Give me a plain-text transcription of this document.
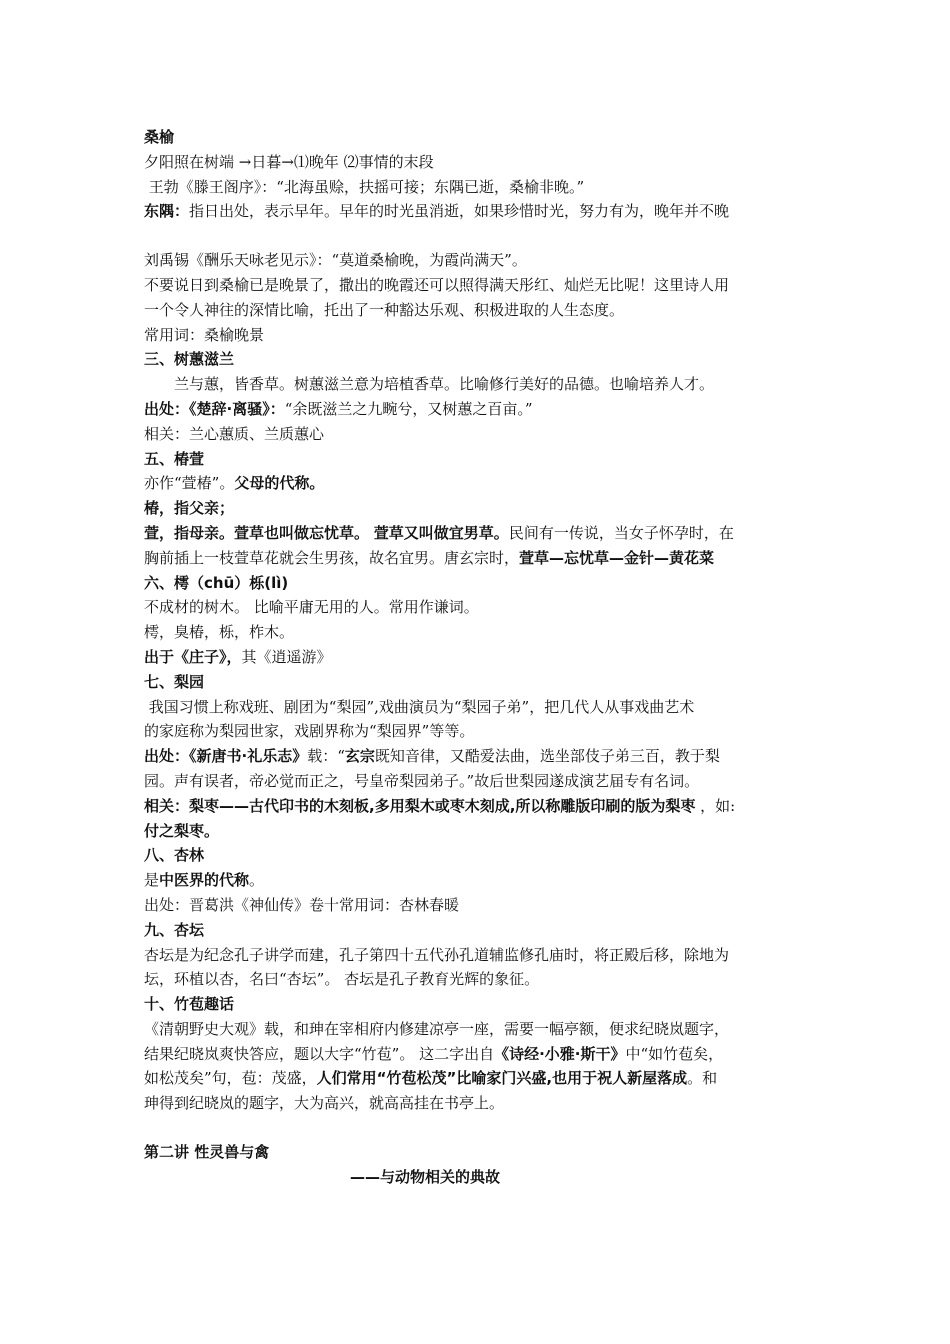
桑榆
夕阳照在树端 →日暮→⑴晚年 ⑵事情的末段
王勃《滕王阁序》：“北海虽赊，扶摇可接；东隅已逝，桑榆非晚。”
东隅：指日出处，表示早年。早年的时光虽消逝，如果珍惜时光，努力有为，晚年并不晚
刘禹锡《酬乐天咏老见示》：“莫道桑榆晚，为霞尚满天”。
不要说日到桑榆已是晚景了，撒出的晚霞还可以照得满天彤红、灿烂无比呢！这里诗人用
一个令人神往的深情比喻，托出了一种豁达乐观、积极进取的人生态度。
常用词：桑榆晚景
三、树蕙滋兰
兰与蕙，皆香草。树蕙滋兰意为培植香草。比喻修行美好的品德。也喻培养人才。
出处：《楚辞·离骚》：“余既滋兰之九畹兮，又树蕙之百亩。”
相关：兰心蕙质、兰质蕙心
五、椿萱
亦作“萱椿”。父母的代称。
椿，指父亲；
萱，指母亲。萱草也叫做忘忧草。 萱草又叫做宜男草。民间有一传说，当女子怀孕时，在
胸前插上一枝萱草花就会生男孩，故名宜男。唐玄宗时，萱草—忘忧草—金针—黄花菜
六、樗（chū）栎(lì)
不成材的树木。 比喻平庸无用的人。常用作谦词。
樗，臭椿，栎，柞木。
出于《庄子》，其《逍遥游》
七、梨园
我国习惯上称戏班、剧团为“梨园”,戏曲演员为“梨园子弟”，把几代人从事戏曲艺术
的家庭称为梨园世家，戏剧界称为“梨园界”等等。
出处：《新唐书·礼乐志》载：“玄宗既知音律，又酷爱法曲，选坐部伎子弟三百，教于梨
园。声有误者，帝必觉而正之，号皇帝梨园弟子。”故后世梨园遂成演艺届专有名词。
相关：梨枣——古代印书的木刻板,多用梨木或枣木刻成,所以称雕版印刷的版为梨枣 ，如:
付之梨枣。
八、杏林
是中医界的代称。
出处：晋葛洪《神仙传》卷十常用词：杏林春暖
九、杏坛
杏坛是为纪念孔子讲学而建，孔子第四十五代孙孔道辅监修孔庙时，将正殿后移，除地为
坛，环植以杏，名曰“杏坛”。 杏坛是孔子教育光辉的象征。
十、竹苞趣话
《清朝野史大观》载，和珅在宰相府内修建凉亭一座，需要一幅亭额，便求纪晓岚题字，
结果纪晓岚爽快答应，题以大字“竹苞”。 这二字出自《诗经·小雅·斯干》中“如竹苞矣，
如松茂矣”句，苞：茂盛，人们常用“竹苞松茂”比喻家门兴盛,也用于祝人新屋落成。和
珅得到纪晓岚的题字，大为高兴，就高高挂在书亭上。
第二讲 性灵兽与禽
——与动物相关的典故
